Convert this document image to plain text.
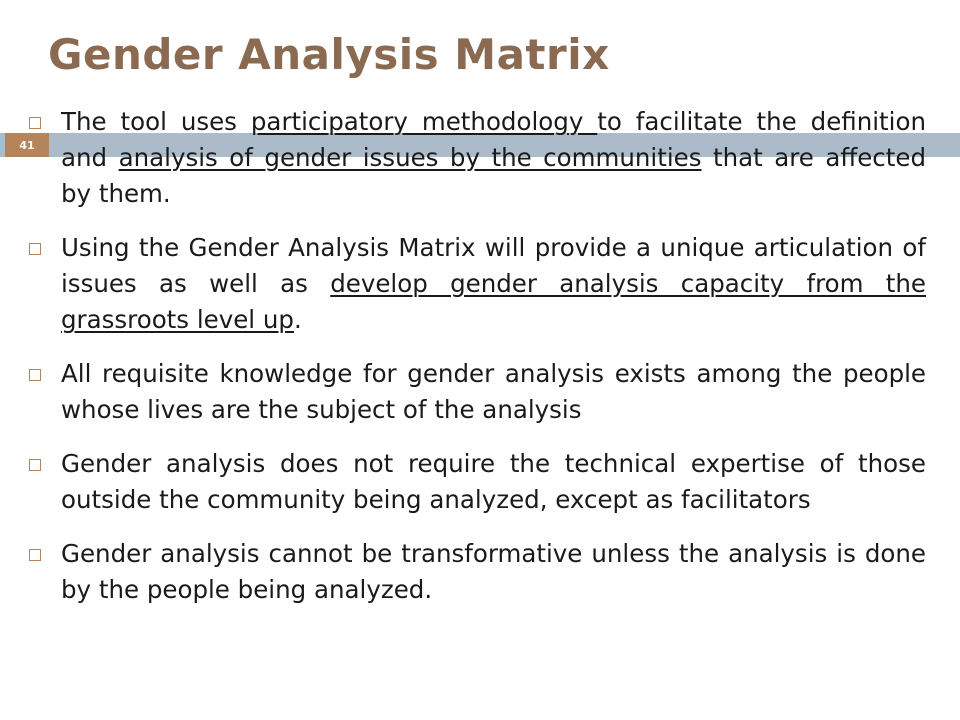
41
Gender Analysis Matrix
The tool uses participatory methodology to facilitate the definition and analysis of gender issues by the communities that are affected by them.
Using the Gender Analysis Matrix will provide a unique articulation of issues as well as develop gender analysis capacity from the grassroots level up.
All requisite knowledge for gender analysis exists among the people whose lives are the subject of the analysis
Gender analysis does not require the technical expertise of those outside the community being analyzed, except as facilitators
Gender analysis cannot be transformative unless the analysis is done by the people being analyzed.
